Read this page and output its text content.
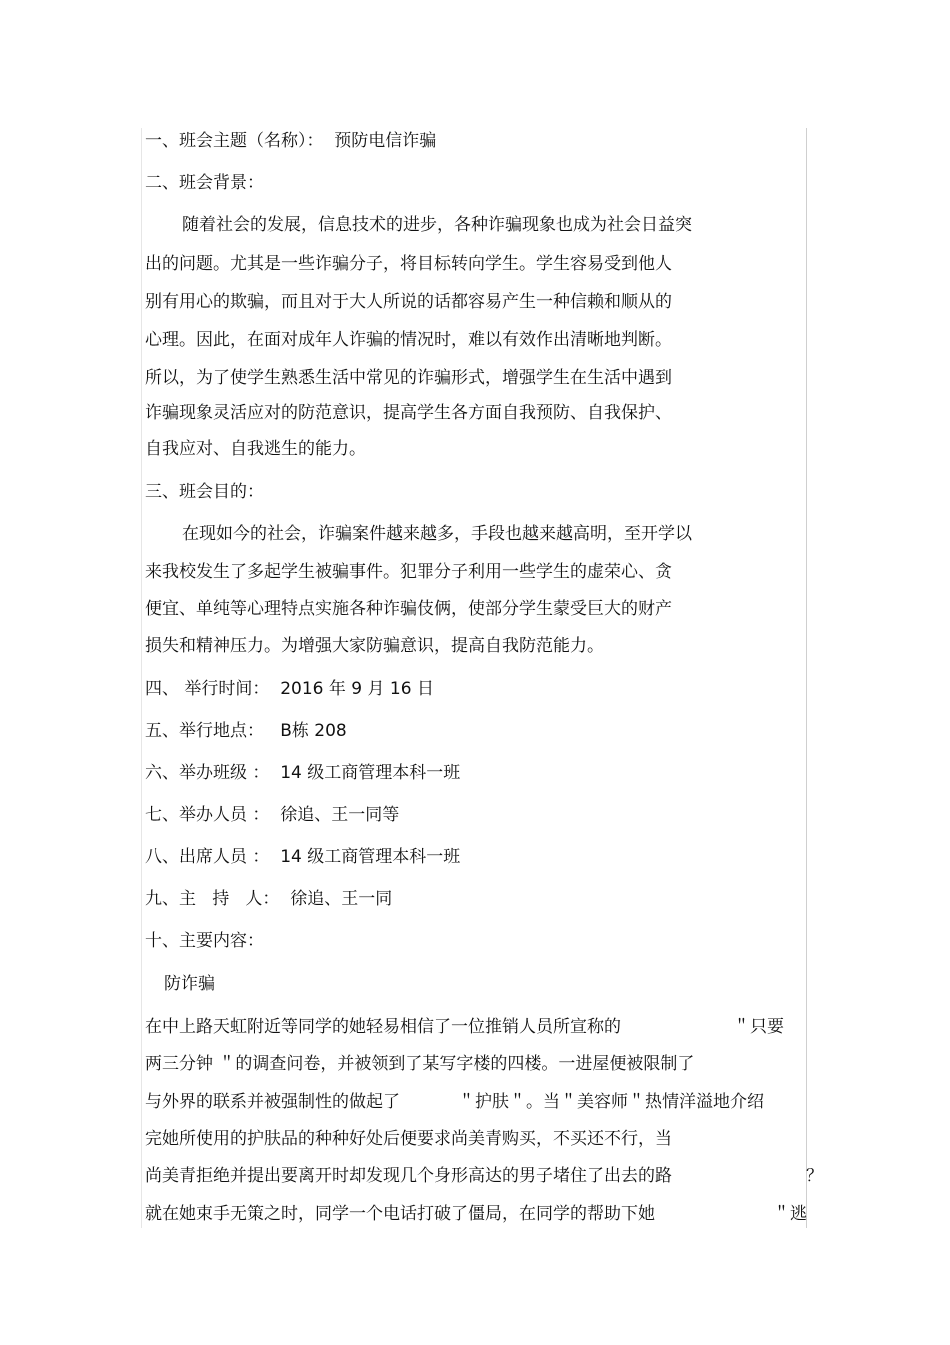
一、班会主题（名称）：  预防电信诈骗
二、班会背景：
随着社会的发展，信息技术的进步，各种诈骗现象也成为社会日益突
出的问题。尤其是一些诈骗分子，将目标转向学生。学生容易受到他人
别有用心的欺骗，而且对于大人所说的话都容易产生一种信赖和顺从的
心理。因此，在面对成年人诈骗的情况时，难以有效作出清晰地判断。
所以，为了使学生熟悉生活中常见的诈骗形式，增强学生在生活中遇到
诈骗现象灵活应对的防范意识，提高学生各方面自我预防、自我保护、
自我应对、自我逃生的能力。
三、班会目的：
在现如今的社会，诈骗案件越来越多，手段也越来越高明，至开学以
来我校发生了多起学生被骗事件。犯罪分子利用一些学生的虚荣心、贪
便宜、单纯等心理特点实施各种诈骗伎俩，使部分学生蒙受巨大的财产
损失和精神压力。为增强大家防骗意识，提高自我防范能力。
四、 举行时间：  2016 年 9 月 16 日
五、举行地点：   B栋 208
六、举办班级 ：  14 级工商管理本科一班
七、举办人员 ：  徐追、王一同等
八、出席人员 ：  14 级工商管理本科一班
九、主   持   人：  徐追、王一同
十、主要内容：
防诈骗
在中上路天虹附近等同学的她轻易相信了一位推销人员所宣称的	＂只要
两三分钟 ＂的调查问卷，并被领到了某写字楼的四楼。一进屋便被限制了
与外界的联系并被强制性的做起了	＂护肤＂。当＂美容师＂热情洋溢地介绍
完她所使用的护肤品的种种好处后便要求尚美青购买，不买还不行，当
尚美青拒绝并提出要离开时却发现几个身形高达的男子堵住了出去的路	？
就在她束手无策之时，同学一个电话打破了僵局，在同学的帮助下她	＂逃
